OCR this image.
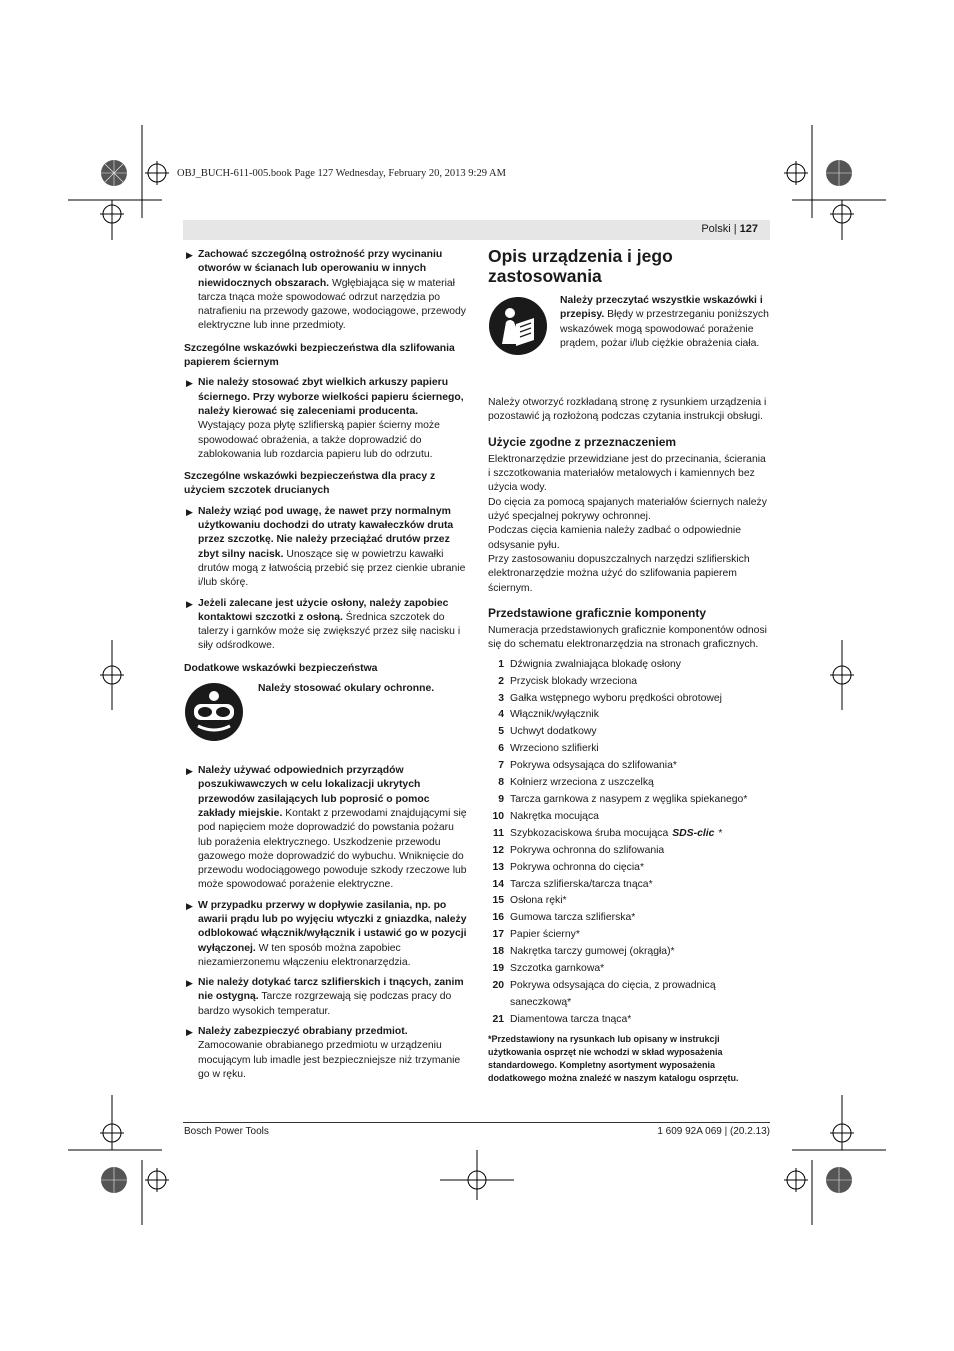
OBJ_BUCH-611-005.book Page 127 Wednesday, February 20, 2013 9:29 AM
Polski | 127
▶ Zachować szczególną ostrożność przy wycinaniu otworów w ścianach lub operowaniu w innych niewidocznych obszarach. Wgłębiająca się w materiał tarcza tnąca może spowodować odrzut narzędzia po natrafieniu na przewody gazowe, wodociągowe, przewody elektryczne lub inne przedmioty.
Szczególne wskazówki bezpieczeństwa dla szlifowania papierem ściernym
▶ Nie należy stosować zbyt wielkich arkuszy papieru ściernego. Przy wyborze wielkości papieru ściernego, należy kierować się zaleceniami producenta. Wystający poza płytę szlifierską papier ścierny może spowodować obrażenia, a także doprowadzić do zablokowania lub rozdarcia papieru lub do odrzutu.
Szczególne wskazówki bezpieczeństwa dla pracy z użyciem szczotek drucianych
▶ Należy wziąć pod uwagę, że nawet przy normalnym użytkowaniu dochodzi do utraty kawałeczków druta przez szczotkę. Nie należy przeciążać drutów przez zbyt silny nacisk. Unoszące się w powietrzu kawałki drutów mogą z łatwością przebić się przez cienkie ubranie i/lub skórę.
▶ Jeżeli zalecane jest użycie osłony, należy zapobiec kontaktowi szczotki z osłoną. Średnica szczotek do talerzy i garnków może się zwiększyć przez siłę nacisku i siły odśrodkowe.
Dodatkowe wskazówki bezpieczeństwa
Należy stosować okulary ochronne.
▶ Należy używać odpowiednich przyrządów poszukiwawczych w celu lokalizacji ukrytych przewodów zasilających lub poprosić o pomoc zakłady miejskie. Kontakt z przewodami znajdującymi się pod napięciem może doprowadzić do powstania pożaru lub porażenia elektrycznego. Uszkodzenie przewodu gazowego może doprowadzić do wybuchu. Wniknięcie do przewodu wodociągowego powoduje szkody rzeczowe lub może spowodować porażenie elektryczne.
▶ W przypadku przerwy w dopływie zasilania, np. po awarii prądu lub po wyjęciu wtyczki z gniazdka, należy odblokować włącznik/wyłącznik i ustawić go w pozycji wyłączonej. W ten sposób można zapobiec niezamierzonemu włączeniu elektronarzędzia.
▶ Nie należy dotykać tarcz szlifierskich i tnących, zanim nie ostygną. Tarcze rozgrzewają się podczas pracy do bardzo wysokich temperatur.
▶ Należy zabezpieczyć obrabiany przedmiot. Zamocowanie obrabianego przedmiotu w urządzeniu mocującym lub imadle jest bezpieczniejsze niż trzymanie go w ręku.
Opis urządzenia i jego zastosowania
Należy przeczytać wszystkie wskazówki i przepisy. Błędy w przestrzeganiu poniższych wskazówek mogą spowodować porażenie prądem, pożar i/lub ciężkie obrażenia ciała.

Należy otworzyć rozkładaną stronę z rysunkiem urządzenia i pozostawić ją rozłożoną podczas czytania instrukcji obsługi.

Użycie zgodne z przeznaczeniem

Elektronarzędzie przewidziane jest do przecinania, ścierania i szczotkowania materiałów metalowych i kamiennych bez użycia wody.

Do cięcia za pomocą spajanych materiałów ściernych należy użyć specjalnej pokrywy ochronnej.

Podczas cięcia kamienia należy zadbać o odpowiednie odsysanie pyłu.

Przy zastosowaniu dopuszczalnych narzędzi szlifierskich elektronarzędzie można użyć do szlifowania papierem ściernym.

Przedstawione graficznie komponenty

Numeracja przedstawionych graficznie komponentów odnosi się do schematu elektronarzędzia na stronach graficznych.

1 Dźwignia zwalniająca blokadę osłony
2 Przycisk blokady wrzeciona
3 Gałka wstępnego wyboru prędkości obrotowej
4 Włącznik/wyłącznik
5 Uchwyt dodatkowy
6 Wrzeciono szlifierki
7 Pokrywa odsysająca do szlifowania*
8 Kołnierz wrzeciona z uszczelką
9 Tarcza garnkowa z nasypem z węglika spiekanego*
10 Nakrętka mocująca
11 Szybkozaciskowa śruba mocująca SDS-clic *
12 Pokrywa ochronna do szlifowania
13 Pokrywa ochronna do cięcia*
14 Tarcza szlifierska/tarcza tnąca*
15 Osłona ręki*
16 Gumowa tarcza szlifierska*
17 Papier ścierny*
18 Nakrętka tarczy gumowej (okrągła)*
19 Szczotka garnkowa*
20 Pokrywa odsysająca do cięcia, z prowadnicą saneczkową*
21 Diamentowa tarcza tnąca*
*Przedstawiony na rysunkach lub opisany w instrukcji użytkowania osprzęt nie wchodzi w skład wyposażenia standardowego. Kompletny asortyment wyposażenia dodatkowego można znaleźć w naszym katalogu osprzętu.
Bosch Power Tools	1 609 92A 069 | (20.2.13)
